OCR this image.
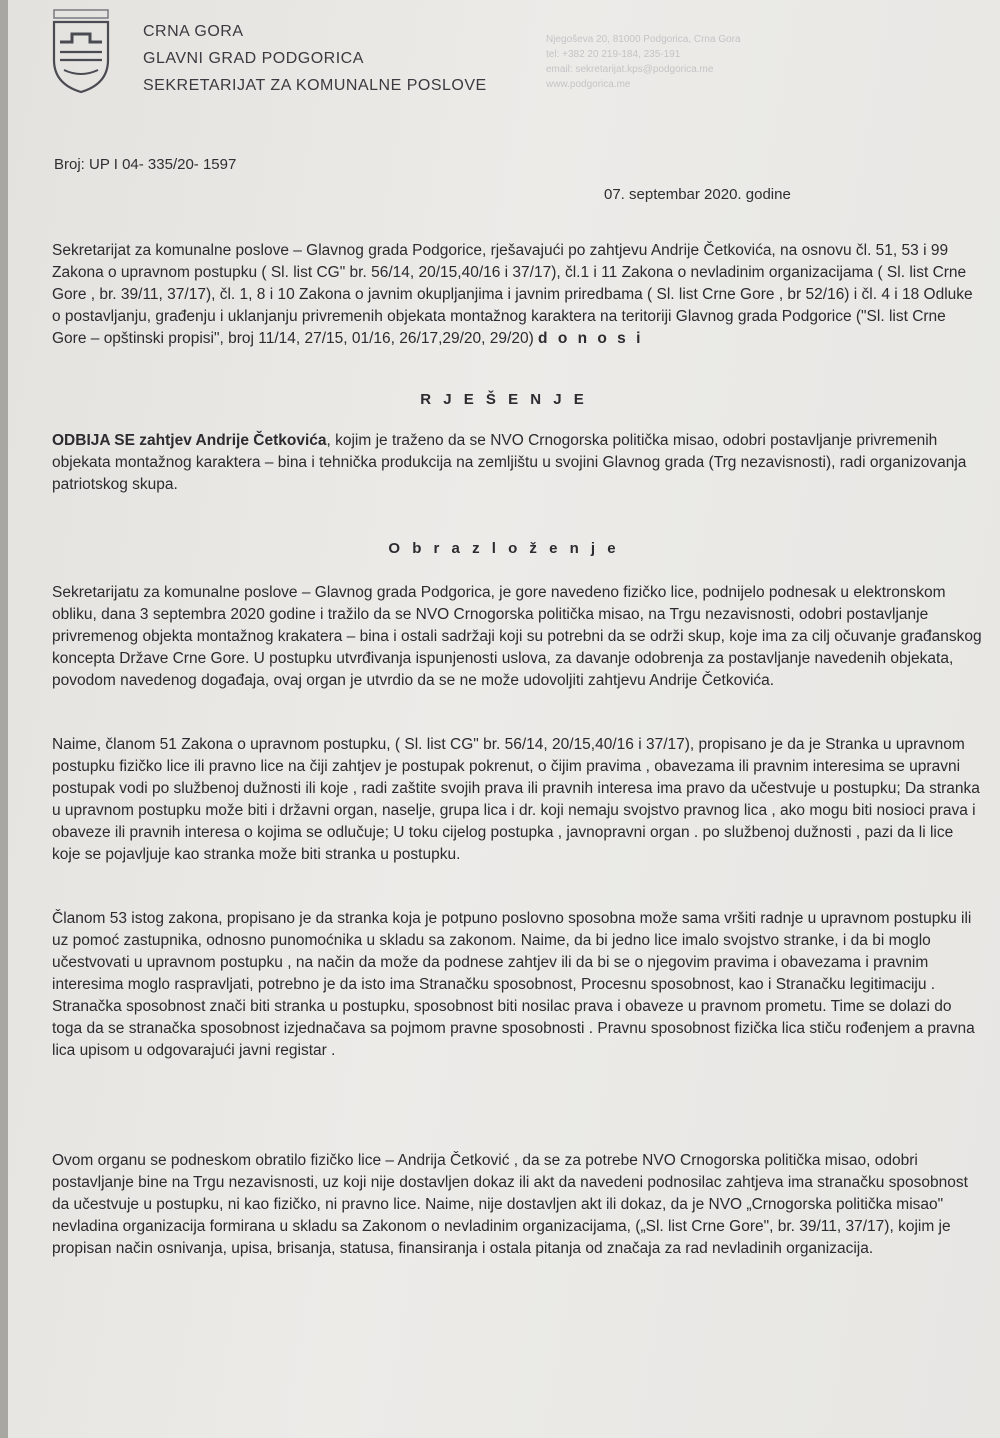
CRNA GORA
GLAVNI GRAD PODGORICA
SEKRETARIJAT ZA KOMUNALNE POSLOVE
Njegoševa 20, 81000 Podgorica, Crna Gora
tel: +382 20 219-184, 235-191
email: sekretarijat.kps@podgorica.me
www.podgorica.me
Broj: UP I 04- 335/20- 1597
07. septembar 2020. godine

Sekretarijat za komunalne poslove – Glavnog grada Podgorice, rješavajući po zahtjevu Andrije Četkovića, na osnovu čl. 51, 53 i 99 Zakona o upravnom postupku ( Sl. list CG" br. 56/14, 20/15,40/16 i 37/17), čl.1 i 11 Zakona o nevladinim organizacijama ( Sl. list Crne Gore , br. 39/11, 37/17), čl. 1, 8 i 10 Zakona o javnim okupljanjima i javnim priredbama ( Sl. list Crne Gore , br 52/16) i čl. 4 i 18 Odluke o postavljanju, građenju i uklanjanju privremenih objekata montažnog karaktera na teritoriji Glavnog grada Podgorice ("Sl. list Crne Gore – opštinski propisi", broj 11/14, 27/15, 01/16, 26/17,29/20, 29/20) d o n o s i

R J E Š E N J E

ODBIJA SE zahtjev Andrije Četkovića, kojim je traženo da se NVO Crnogorska politička misao, odobri postavljanje privremenih objekata montažnog karaktera – bina i tehnička produkcija na zemljištu u svojini Glavnog grada (Trg nezavisnosti), radi organizovanja patriotskog skupa.

O b r a z l o ž e n j e

Sekretarijatu za komunalne poslove – Glavnog grada Podgorica, je gore navedeno fizičko lice, podnijelo podnesak u elektronskom obliku, dana 3 septembra 2020 godine i tražilo da se NVO Crnogorska politička misao, na Trgu nezavisnosti, odobri postavljanje privremenog objekta montažnog krakatera – bina i ostali sadržaji koji su potrebni da se održi skup, koje ima za cilj očuvanje građanskog koncepta Države Crne Gore. U postupku utvrđivanja ispunjenosti uslova, za davanje odobrenja za postavljanje navedenih objekata, povodom navedenog događaja, ovaj organ je utvrdio da se ne može udovoljiti zahtjevu Andrije Četkovića.

Naime, članom 51 Zakona o upravnom postupku, ( Sl. list CG" br. 56/14, 20/15,40/16 i 37/17), propisano je da je Stranka u upravnom postupku fizičko lice ili pravno lice na čiji zahtjev je postupak pokrenut, o čijim pravima , obavezama ili pravnim interesima se upravni postupak vodi po službenoj dužnosti ili koje , radi zaštite svojih prava ili pravnih interesa ima pravo da učestvuje u postupku; Da stranka u upravnom postupku može biti i državni organ, naselje, grupa lica i dr. koji nemaju svojstvo pravnog lica , ako mogu biti nosioci prava i obaveze ili pravnih interesa o kojima se odlučuje; U toku cijelog postupka , javnopravni organ . po službenoj dužnosti , pazi da li lice koje se pojavljuje kao stranka može biti stranka u postupku.

Članom 53 istog zakona, propisano je da stranka koja je potpuno poslovno sposobna može sama vršiti radnje u upravnom postupku ili uz pomoć zastupnika, odnosno punomoćnika u skladu sa zakonom. Naime, da bi jedno lice imalo svojstvo stranke, i da bi moglo učestvovati u upravnom postupku , na način da može da podnese zahtjev ili da bi se o njegovim pravima i obavezama i pravnim interesima moglo raspravljati, potrebno je da isto ima Stranačku sposobnost, Procesnu sposobnost, kao i Stranačku legitimaciju . Stranačka sposobnost znači biti stranka u postupku, sposobnost biti nosilac prava i obaveze u pravnom prometu. Time se dolazi do toga da se stranačka sposobnost izjednačava sa pojmom pravne sposobnosti . Pravnu sposobnost fizička lica stiču rođenjem a pravna lica upisom u odgovarajući javni registar .

Ovom organu se podneskom obratilo fizičko lice – Andrija Četković , da se za potrebe NVO Crnogorska politička misao, odobri postavljanje bine na Trgu nezavisnosti, uz koji nije dostavljen dokaz ili akt da navedeni podnosilac zahtjeva ima stranačku sposobnost da učestvuje u postupku, ni kao fizičko, ni pravno lice. Naime, nije dostavljen akt ili dokaz, da je NVO „Crnogorska politička misao" nevladina organizacija formirana u skladu sa Zakonom o nevladinim organizacijama, („Sl. list Crne Gore", br. 39/11, 37/17), kojim je propisan način osnivanja, upisa, brisanja, statusa, finansiranja i ostala pitanja od značaja za rad nevladinih organizacija.
